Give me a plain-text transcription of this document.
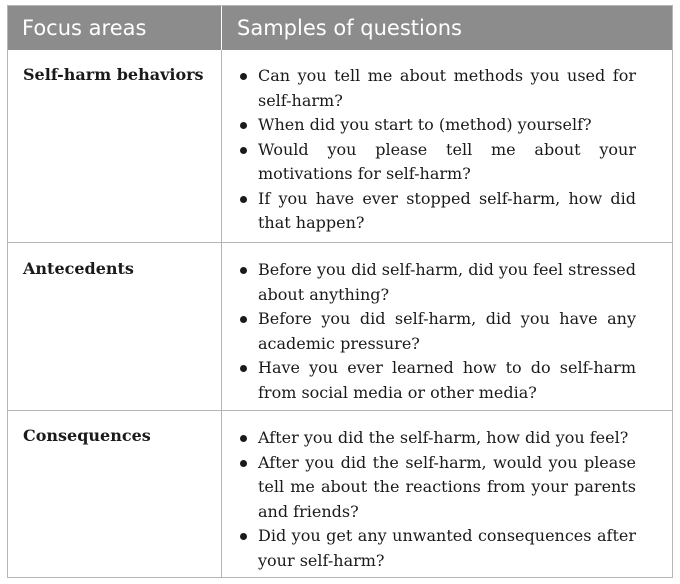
Focus areas	Samples of questions
Self-harm behaviors	Can you tell me about methods you used for self-harm?
When did you start to (method) yourself?
Would you please tell me about your motivations for self-harm?
If you have ever stopped self-harm, how did that happen?
Antecedents	Before you did self-harm, did you feel stressed about anything?
Before you did self-harm, did you have any academic pressure?
Have you ever learned how to do self-harm from social media or other media?
Consequences	After you did the self-harm, how did you feel?
After you did the self-harm, would you please tell me about the reactions from your parents and friends?
Did you get any unwanted consequences after your self-harm?
